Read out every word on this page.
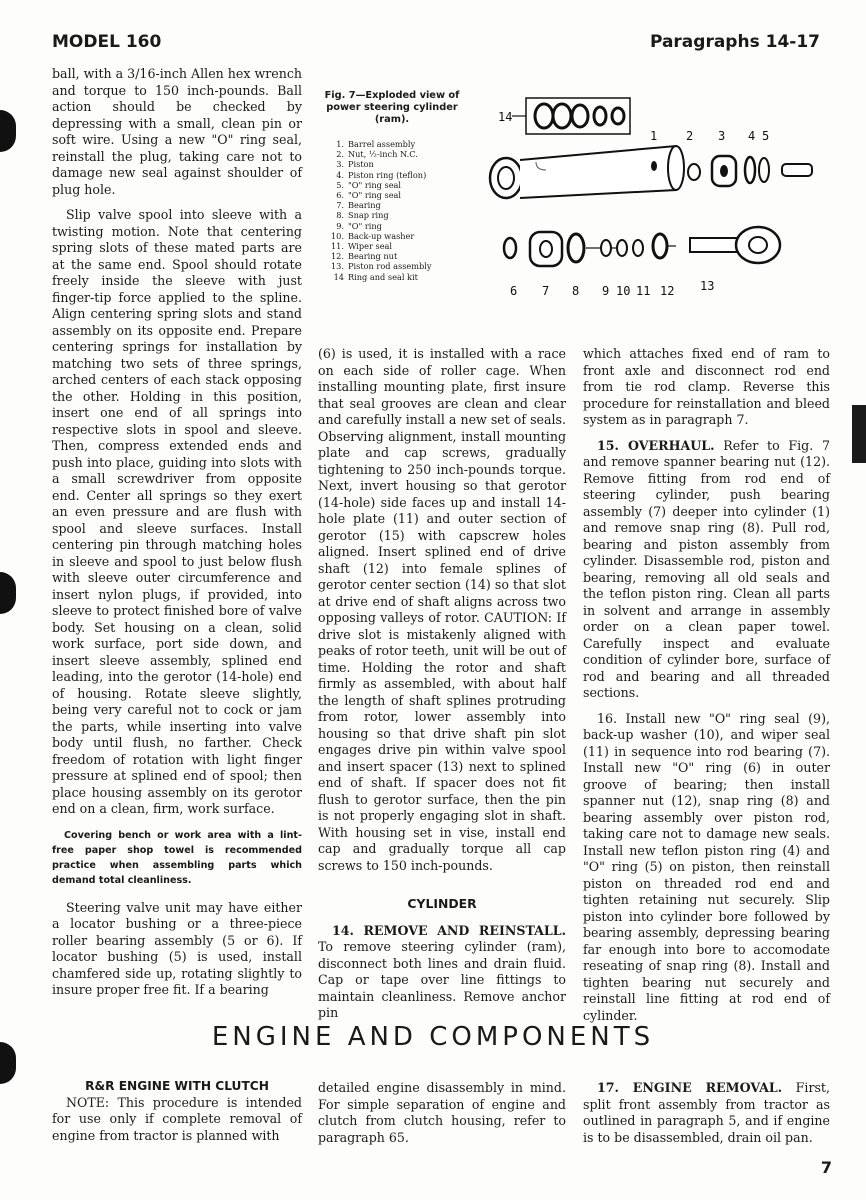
MODEL 160	Paragraphs 14-17
Fig. 7—Exploded view of power steering cylinder (ram).
1. Barrel assembly
2. Nut, ½-inch N.C.
3. Piston
4. Piston ring (teflon)
5. "O" ring seal
6. "O" ring seal
7. Bearing
8. Snap ring
9. "O" ring
10. Back-up washer
11. Wiper seal
12. Bearing nut
13. Piston rod assembly
14 Ring and seal kit
14
1 2 3 4 5
6 7 8 9 10 11 12 13

ball, with a 3/16-inch Allen hex wrench and torque to 150 inch-pounds. Ball action should be checked by depressing with a small, clean pin or soft wire. Using a new "O" ring seal, reinstall the plug, taking care not to damage new seal against shoulder of plug hole.

Slip valve spool into sleeve with a twisting motion. Note that centering spring slots of these mated parts are at the same end. Spool should rotate freely inside the sleeve with just finger-tip force applied to the spline. Align centering spring slots and stand assembly on its opposite end. Prepare centering springs for installation by matching two sets of three springs, arched centers of each stack opposing the other. Holding in this position, insert one end of all springs into respective slots in spool and sleeve. Then, compress extended ends and push into place, guiding into slots with a small screwdriver from opposite end. Center all springs so they exert an even pressure and are flush with spool and sleeve surfaces. Install centering pin through matching holes in sleeve and spool to just below flush with sleeve outer circumference and insert nylon plugs, if provided, into sleeve to protect finished bore of valve body. Set housing on a clean, solid work surface, port side down, and insert sleeve assembly, splined end leading, into the gerotor (14-hole) end of housing. Rotate sleeve slightly, being very careful not to cock or jam the parts, while inserting into valve body until flush, no farther. Check freedom of rotation with light finger pressure at splined end of spool; then place housing assembly on its gerotor end on a clean, firm, work surface.

Covering bench or work area with a lint-free paper shop towel is recommended practice when assembling parts which demand total cleanliness.

Steering valve unit may have either a locator bushing or a three-piece roller bearing assembly (5 or 6). If locator bushing (5) is used, install chamfered side up, rotating slightly to insure proper free fit. If a bearing

(6) is used, it is installed with a race on each side of roller cage. When installing mounting plate, first insure that seal grooves are clean and clear and carefully install a new set of seals. Observing alignment, install mounting plate and cap screws, gradually tightening to 250 inch-pounds torque. Next, invert housing so that gerotor (14-hole) side faces up and install 14-hole plate (11) and outer section of gerotor (15) with capscrew holes aligned. Insert splined end of drive shaft (12) into female splines of gerotor center section (14) so that slot at drive end of shaft aligns across two opposing valleys of rotor. CAUTION: If drive slot is mistakenly aligned with peaks of rotor teeth, unit will be out of time. Holding the rotor and shaft firmly as assembled, with about half the length of shaft splines protruding from rotor, lower assembly into housing so that drive shaft pin slot engages drive pin within valve spool and insert spacer (13) next to splined end of shaft. If spacer does not fit flush to gerotor surface, then the pin is not properly engaging slot in shaft. With housing set in vise, install end cap and gradually torque all cap screws to 150 inch-pounds.

CYLINDER

14. REMOVE AND REINSTALL. To remove steering cylinder (ram), disconnect both lines and drain fluid. Cap or tape over line fittings to maintain cleanliness. Remove anchor pin

which attaches fixed end of ram to front axle and disconnect rod end from tie rod clamp. Reverse this procedure for reinstallation and bleed system as in paragraph 7.

15. OVERHAUL. Refer to Fig. 7 and remove spanner bearing nut (12). Remove fitting from rod end of steering cylinder, push bearing assembly (7) deeper into cylinder (1) and remove snap ring (8). Pull rod, bearing and piston assembly from cylinder. Disassemble rod, piston and bearing, removing all old seals and the teflon piston ring. Clean all parts in solvent and arrange in assembly order on a clean paper towel. Carefully inspect and evaluate condition of cylinder bore, surface of rod and bearing and all threaded sections.

16. Install new "O" ring seal (9), back-up washer (10), and wiper seal (11) in sequence into rod bearing (7). Install new "O" ring (6) in outer groove of bearing; then install spanner nut (12), snap ring (8) and bearing assembly over piston rod, taking care not to damage new seals. Install new teflon piston ring (4) and "O" ring (5) on piston, then reinstall piston on threaded rod end and tighten retaining nut securely. Slip piston into cylinder bore followed by bearing assembly, depressing bearing far enough into bore to accomodate reseating of snap ring (8). Install and tighten bearing nut securely and reinstall line fitting at rod end of cylinder.

ENGINE AND COMPONENTS

R&R ENGINE WITH CLUTCH

NOTE: This procedure is intended for use only if complete removal of engine from tractor is planned with

detailed engine disassembly in mind. For simple separation of engine and clutch from clutch housing, refer to paragraph 65.

17. ENGINE REMOVAL. First, split front assembly from tractor as outlined in paragraph 5, and if engine is to be disassembled, drain oil pan.

7
